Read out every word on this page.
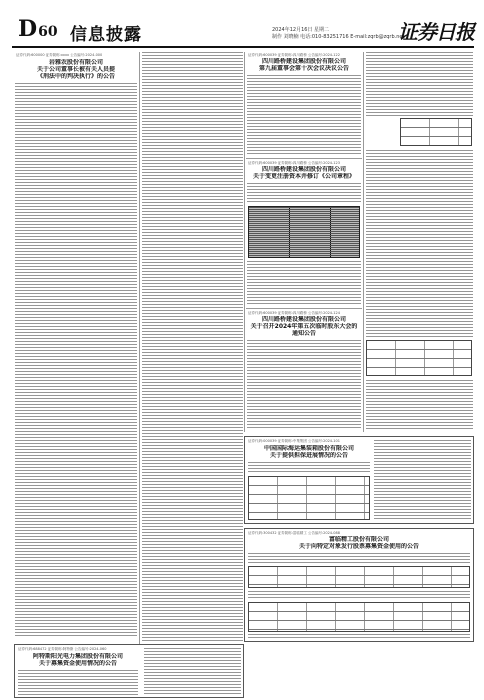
D60 信息披露	2024年12月16日 星期二
制作 刘晓楠 电话:010-83251716 E-mail:zqrb@zqrb.net
证券日报
证券代码:600000 证券简称:xxxx 公告编号:2024-000
岩雅农股份有限公司
关于公司董事长被有关人员提
《刑法中的判决执行》的公告
证券代码:600039 证券简称:四川路桥 公告编号:2024-122
四川路桥建设集团股份有限公司
第九届董事会第十次会议决议公告
证券代码:600039 证券简称:四川路桥 公告编号:2024-123
四川路桥建设集团股份有限公司
关于变更注册资本并修订《公司章程》
证券代码:600039 证券简称:四川路桥 公告编号:2024-124
四川路桥建设集团股份有限公司
关于召开2024年第五次临时股东大会的
通知公告
证券代码:000039 证券简称:中集集团 公告编号:2024-101
中国国际海运集装箱股份有限公司
关于提供担保进展情况的公告
证券代码:300432 证券简称:富临精工 公告编号:2024-088
富临精工股份有限公司
关于向特定对象发行股票募集资金使用的公告
证券代码:688472 证券简称:阿特斯 公告编号:2024-060
阿特斯阳光电力集团股份有限公司
关于募集资金使用情况的公告
